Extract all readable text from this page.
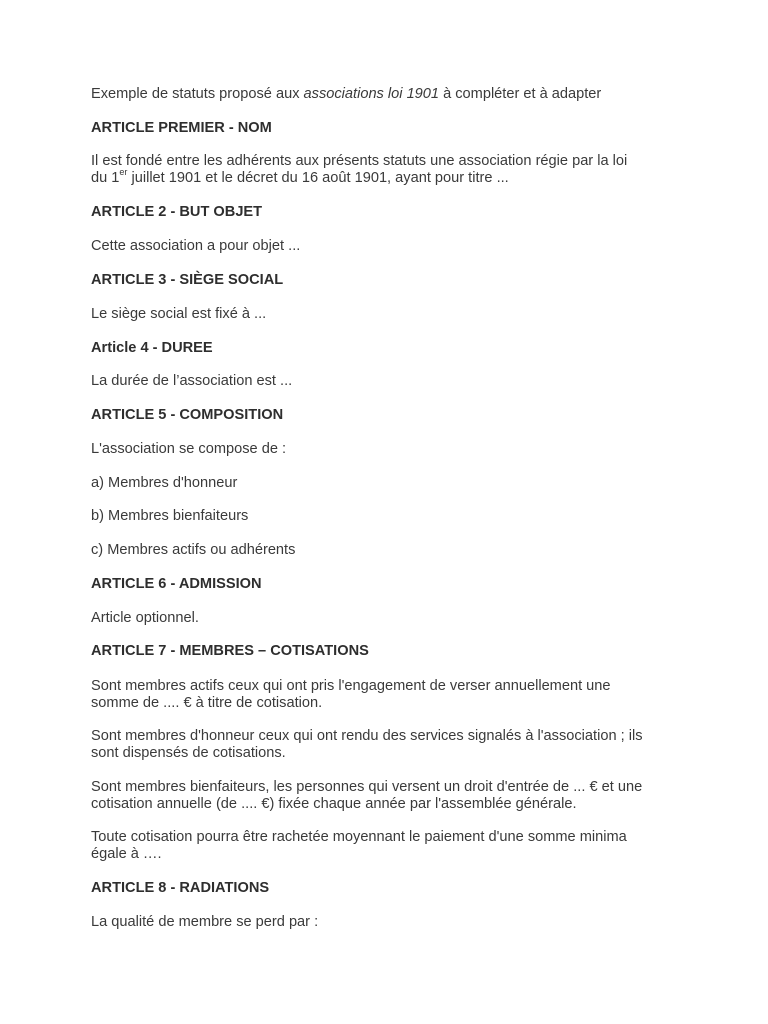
Exemple de statuts proposé aux associations loi 1901 à compléter et à adapter
ARTICLE PREMIER - NOM
Il est fondé entre les adhérents aux présents statuts une association régie par la loi
du 1er juillet 1901 et le décret du 16 août 1901, ayant pour titre ...
ARTICLE 2 - BUT OBJET
Cette association a pour objet ...
ARTICLE 3 - SIÈGE SOCIAL
Le siège social est fixé à ...
Article 4 - DUREE
La durée de l’association est ...
ARTICLE 5 - COMPOSITION
L'association se compose de :
a) Membres d'honneur
b) Membres bienfaiteurs
c) Membres actifs ou adhérents
ARTICLE 6 - ADMISSION
Article optionnel.
ARTICLE 7 - MEMBRES – COTISATIONS
Sont membres actifs ceux qui ont pris l'engagement de verser annuellement une
somme de .... € à titre de cotisation.
Sont membres d'honneur ceux qui ont rendu des services signalés à l'association ; ils
sont dispensés de cotisations.
Sont membres bienfaiteurs, les personnes qui versent un droit d'entrée de ... € et une
cotisation annuelle (de .... €) fixée chaque année par l'assemblée générale.
Toute cotisation pourra être rachetée moyennant le paiement d'une somme minima
égale à ….
ARTICLE 8 - RADIATIONS
La qualité de membre se perd par :
